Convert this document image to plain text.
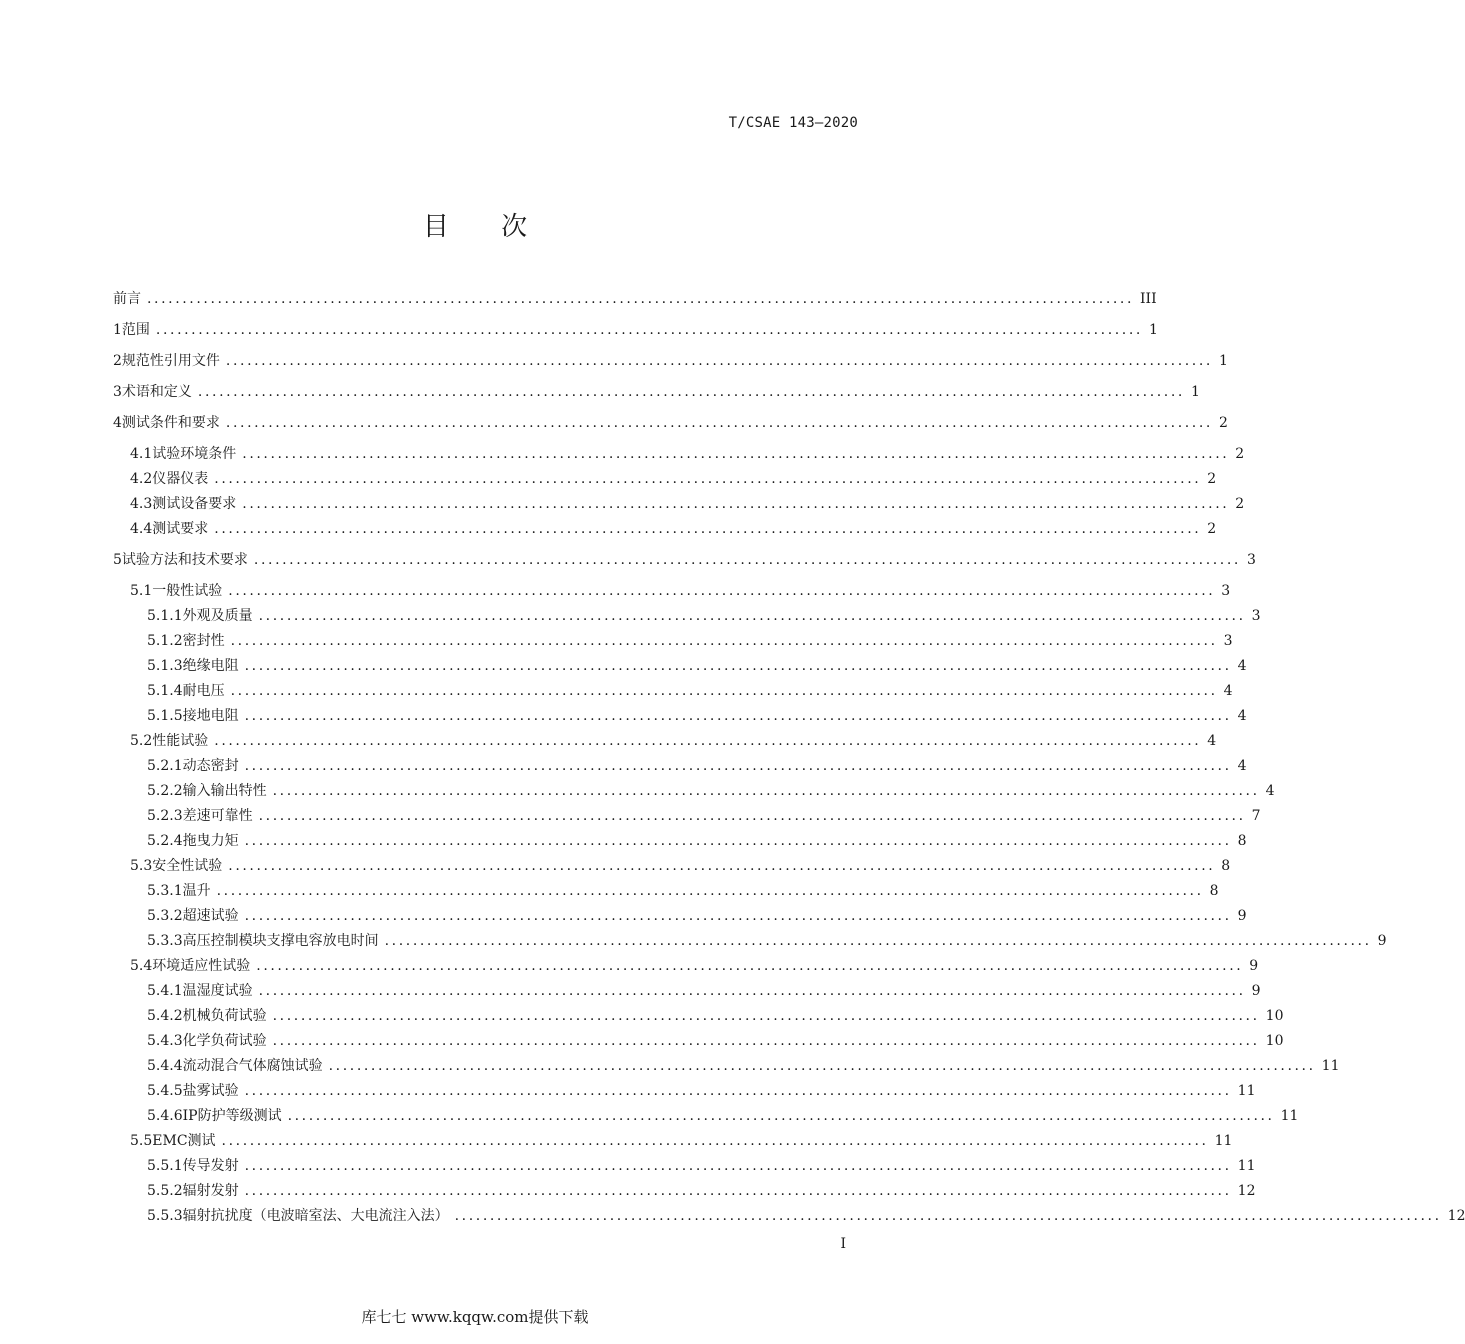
T/CSAE 143—2020
目 次
前言 ............................................................................................................................................ III
1 范围 ............................................................................................................................................ 1
2 规范性引用文件 ............................................................................................................................................ 1
3 术语和定义 ............................................................................................................................................ 1
4 测试条件和要求 ............................................................................................................................................ 2
4.1 试验环境条件 ............................................................................................................................................ 2
4.2 仪器仪表 ............................................................................................................................................ 2
4.3 测试设备要求 ............................................................................................................................................ 2
4.4 测试要求 ............................................................................................................................................ 2
5 试验方法和技术要求 ............................................................................................................................................ 3
5.1 一般性试验 ............................................................................................................................................ 3
5.1.1 外观及质量 ............................................................................................................................................ 3
5.1.2 密封性 ............................................................................................................................................ 3
5.1.3 绝缘电阻 ............................................................................................................................................ 4
5.1.4 耐电压 ............................................................................................................................................ 4
5.1.5 接地电阻 ............................................................................................................................................ 4
5.2 性能试验 ............................................................................................................................................ 4
5.2.1 动态密封 ............................................................................................................................................ 4
5.2.2 输入输出特性 ............................................................................................................................................ 4
5.2.3 差速可靠性 ............................................................................................................................................ 7
5.2.4 拖曳力矩 ............................................................................................................................................ 8
5.3 安全性试验 ............................................................................................................................................ 8
5.3.1 温升 ............................................................................................................................................ 8
5.3.2 超速试验 ............................................................................................................................................ 9
5.3.3 高压控制模块支撑电容放电时间 ............................................................................................................................................ 9
5.4 环境适应性试验 ............................................................................................................................................ 9
5.4.1 温湿度试验 ............................................................................................................................................ 9
5.4.2 机械负荷试验 ............................................................................................................................................ 10
5.4.3 化学负荷试验 ............................................................................................................................................ 10
5.4.4 流动混合气体腐蚀试验 ............................................................................................................................................ 11
5.4.5 盐雾试验 ............................................................................................................................................ 11
5.4.6 IP防护等级测试 ............................................................................................................................................ 11
5.5 EMC测试 ............................................................................................................................................ 11
5.5.1 传导发射 ............................................................................................................................................ 11
5.5.2 辐射发射 ............................................................................................................................................ 12
5.5.3 辐射抗扰度（电波暗室法、大电流注入法） ............................................................................................................................................ 12
I
库七七 www.kqqw.com提供下载
